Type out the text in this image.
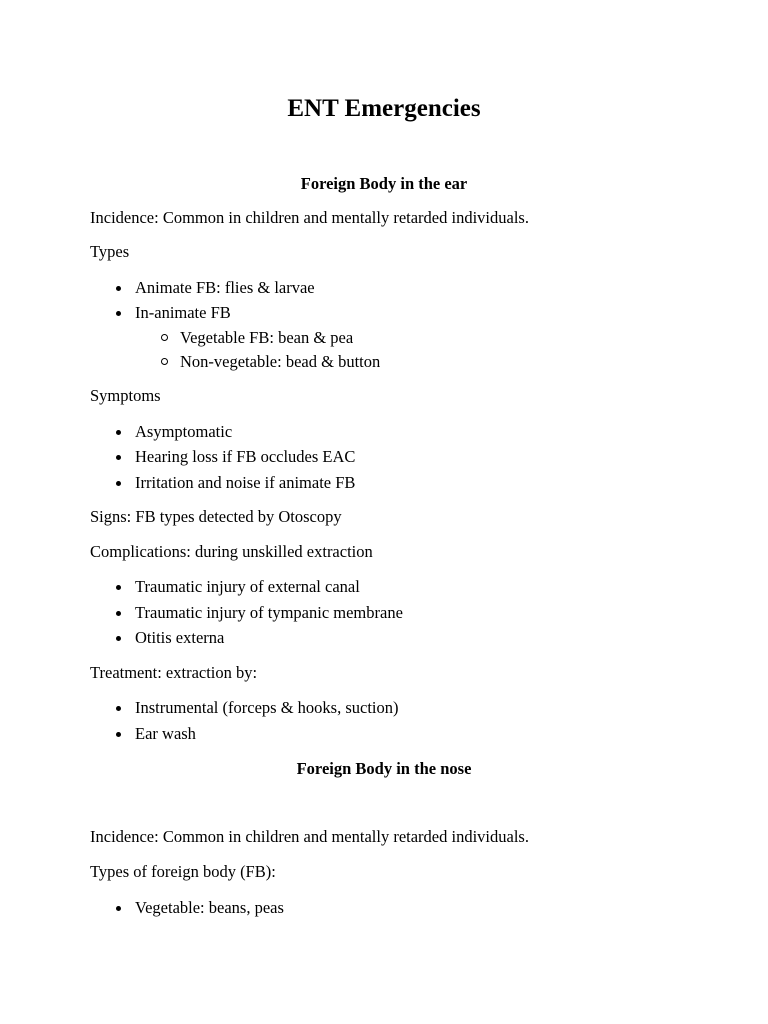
ENT Emergencies
Foreign Body in the ear
Incidence: Common in children and mentally retarded individuals.
Types
Animate FB: flies & larvae
In-animate FB
Vegetable FB: bean & pea
Non-vegetable: bead & button
Symptoms
Asymptomatic
Hearing loss if FB occludes EAC
Irritation and noise if animate FB
Signs: FB types detected by Otoscopy
Complications: during unskilled extraction
Traumatic injury of external canal
Traumatic injury of tympanic membrane
Otitis externa
Treatment: extraction by:
Instrumental (forceps & hooks, suction)
Ear wash
Foreign Body in the nose
Incidence: Common in children and mentally retarded individuals.
Types of foreign body (FB):
Vegetable: beans, peas
